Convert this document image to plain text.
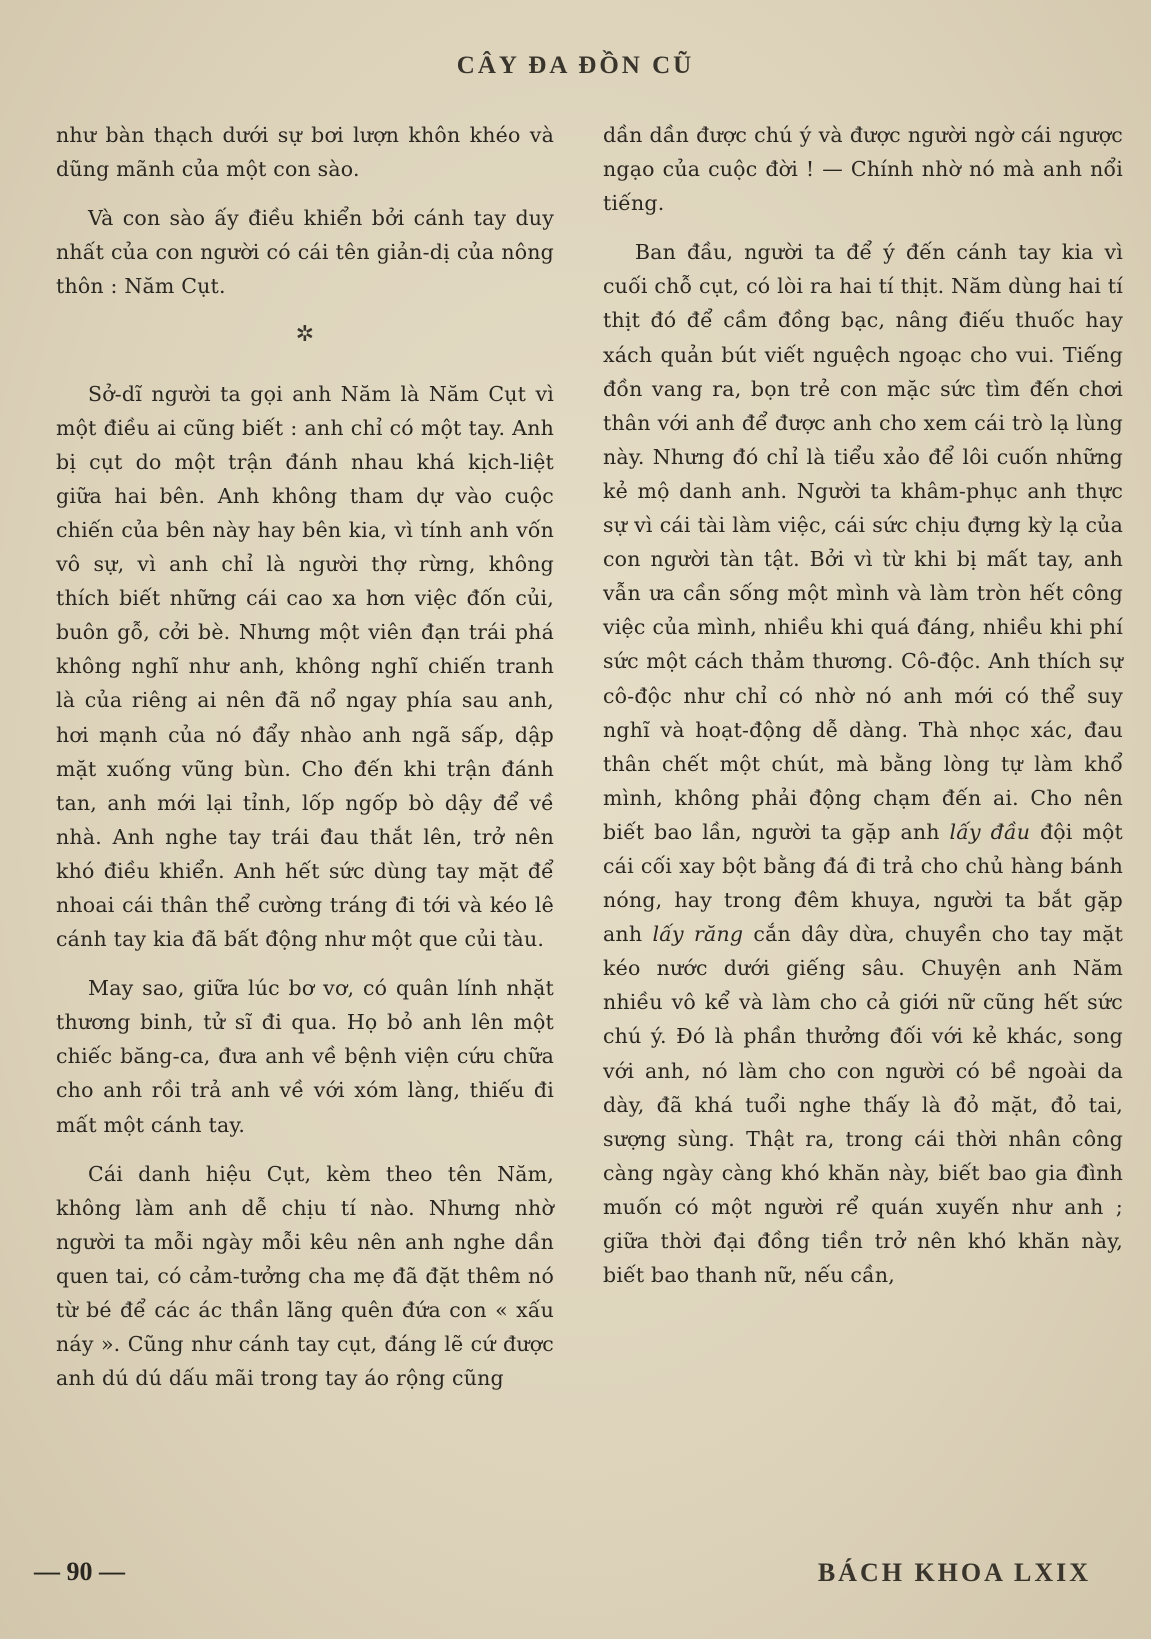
CÂY ĐA ĐỒN CŨ

như bàn thạch dưới sự bơi lượn khôn khéo và dũng mãnh của một con sào.

Và con sào ấy điều khiển bởi cánh tay duy nhất của con người có cái tên giản-dị của nông thôn : Năm Cụt.

✲

Sở-dĩ người ta gọi anh Năm là Năm Cụt vì một điều ai cũng biết : anh chỉ có một tay. Anh bị cụt do một trận đánh nhau khá kịch-liệt giữa hai bên. Anh không tham dự vào cuộc chiến của bên này hay bên kia, vì tính anh vốn vô sự, vì anh chỉ là người thợ rừng, không thích biết những cái cao xa hơn việc đốn củi, buôn gỗ, cởi bè. Nhưng một viên đạn trái phá không nghĩ như anh, không nghĩ chiến tranh là của riêng ai nên đã nổ ngay phía sau anh, hơi mạnh của nó đẩy nhào anh ngã sấp, dập mặt xuống vũng bùn. Cho đến khi trận đánh tan, anh mới lại tỉnh, lốp ngốp bò dậy để về nhà. Anh nghe tay trái đau thắt lên, trở nên khó điều khiển. Anh hết sức dùng tay mặt để nhoai cái thân thể cường tráng đi tới và kéo lê cánh tay kia đã bất động như một que củi tàu.

May sao, giữa lúc bơ vơ, có quân lính nhặt thương binh, tử sĩ đi qua. Họ bỏ anh lên một chiếc băng-ca, đưa anh về bệnh viện cứu chữa cho anh rồi trả anh về với xóm làng, thiếu đi mất một cánh tay.

Cái danh hiệu Cụt, kèm theo tên Năm, không làm anh dễ chịu tí nào. Nhưng nhờ người ta mỗi ngày mỗi kêu nên anh nghe dần quen tai, có cảm-tưởng cha mẹ đã đặt thêm nó từ bé để các ác thần lãng quên đứa con « xấu náy ». Cũng như cánh tay cụt, đáng lẽ cứ được anh dú dú dấu mãi trong tay áo rộng cũng

dần dần được chú ý và được người ngờ cái ngược ngạo của cuộc đời ! — Chính nhờ nó mà anh nổi tiếng.

Ban đầu, người ta để ý đến cánh tay kia vì cuối chỗ cụt, có lòi ra hai tí thịt. Năm dùng hai tí thịt đó để cầm đồng bạc, nâng điếu thuốc hay xách quản bút viết nguệch ngoạc cho vui. Tiếng đồn vang ra, bọn trẻ con mặc sức tìm đến chơi thân với anh để được anh cho xem cái trò lạ lùng này. Nhưng đó chỉ là tiểu xảo để lôi cuốn những kẻ mộ danh anh. Người ta khâm-phục anh thực sự vì cái tài làm việc, cái sức chịu đựng kỳ lạ của con người tàn tật. Bởi vì từ khi bị mất tay, anh vẫn ưa cần sống một mình và làm tròn hết công việc của mình, nhiều khi quá đáng, nhiều khi phí sức một cách thảm thương. Cô-độc. Anh thích sự cô-độc như chỉ có nhờ nó anh mới có thể suy nghĩ và hoạt-động dễ dàng. Thà nhọc xác, đau thân chết một chút, mà bằng lòng tự làm khổ mình, không phải động chạm đến ai. Cho nên biết bao lần, người ta gặp anh lấy đầu đội một cái cối xay bột bằng đá đi trả cho chủ hàng bánh nóng, hay trong đêm khuya, người ta bắt gặp anh lấy răng cắn dây dừa, chuyền cho tay mặt kéo nước dưới giếng sâu. Chuyện anh Năm nhiều vô kể và làm cho cả giới nữ cũng hết sức chú ý. Đó là phần thưởng đối với kẻ khác, song với anh, nó làm cho con người có bề ngoài da dày, đã khá tuổi nghe thấy là đỏ mặt, đỏ tai, sượng sùng. Thật ra, trong cái thời nhân công càng ngày càng khó khăn này, biết bao gia đình muốn có một người rể quán xuyến như anh ; giữa thời đại đồng tiền trở nên khó khăn này, biết bao thanh nữ, nếu cần,

— 90 —	BÁCH KHOA LXIX
